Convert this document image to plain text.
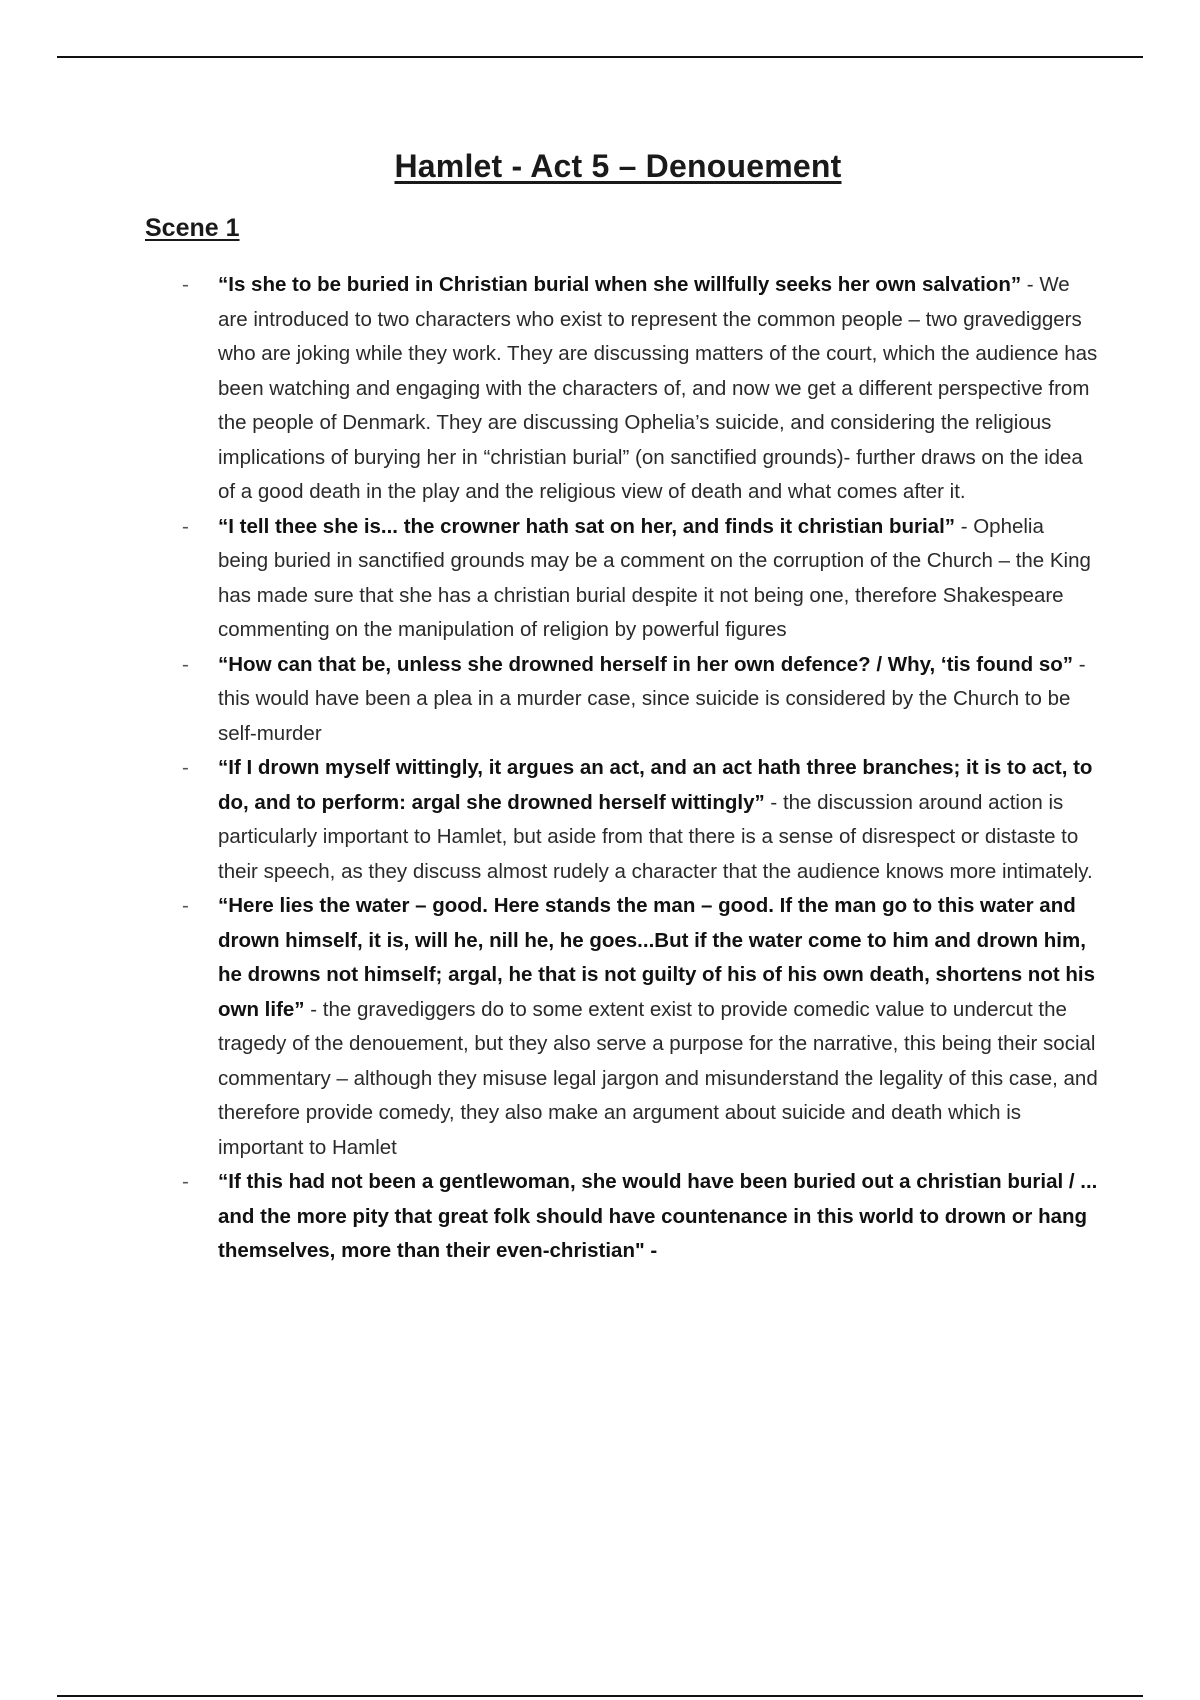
Hamlet - Act 5 – Denouement
Scene 1
- “Is she to be buried in Christian burial when she willfully seeks her own salvation” - We are introduced to two characters who exist to represent the common people – two gravediggers who are joking while they work. They are discussing matters of the court, which the audience has been watching and engaging with the characters of, and now we get a different perspective from the people of Denmark. They are discussing Ophelia’s suicide, and considering the religious implications of burying her in “christian burial” (on sanctified grounds)- further draws on the idea of a good death in the play and the religious view of death and what comes after it.
- “I tell thee she is... the crowner hath sat on her, and finds it christian burial” - Ophelia being buried in sanctified grounds may be a comment on the corruption of the Church – the King has made sure that she has a christian burial despite it not being one, therefore Shakespeare commenting on the manipulation of religion by powerful figures
- “How can that be, unless she drowned herself in her own defence? / Why, ‘tis found so” - this would have been a plea in a murder case, since suicide is considered by the Church to be self-murder
- “If I drown myself wittingly, it argues an act, and an act hath three branches; it is to act, to do, and to perform: argal she drowned herself wittingly” - the discussion around action is particularly important to Hamlet, but aside from that there is a sense of disrespect or distaste to their speech, as they discuss almost rudely a character that the audience knows more intimately.
- “Here lies the water – good. Here stands the man – good. If the man go to this water and drown himself, it is, will he, nill he, he goes...But if the water come to him and drown him, he drowns not himself; argal, he that is not guilty of his of his own death, shortens not his own life” - the gravediggers do to some extent exist to provide comedic value to undercut the tragedy of the denouement, but they also serve a purpose for the narrative, this being their social commentary – although they misuse legal jargon and misunderstand the legality of this case, and therefore provide comedy, they also make an argument about suicide and death which is important to Hamlet
- “If this had not been a gentlewoman, she would have been buried out a christian burial / ... and the more pity that great folk should have countenance in this world to drown or hang themselves, more than their even-christian" -
